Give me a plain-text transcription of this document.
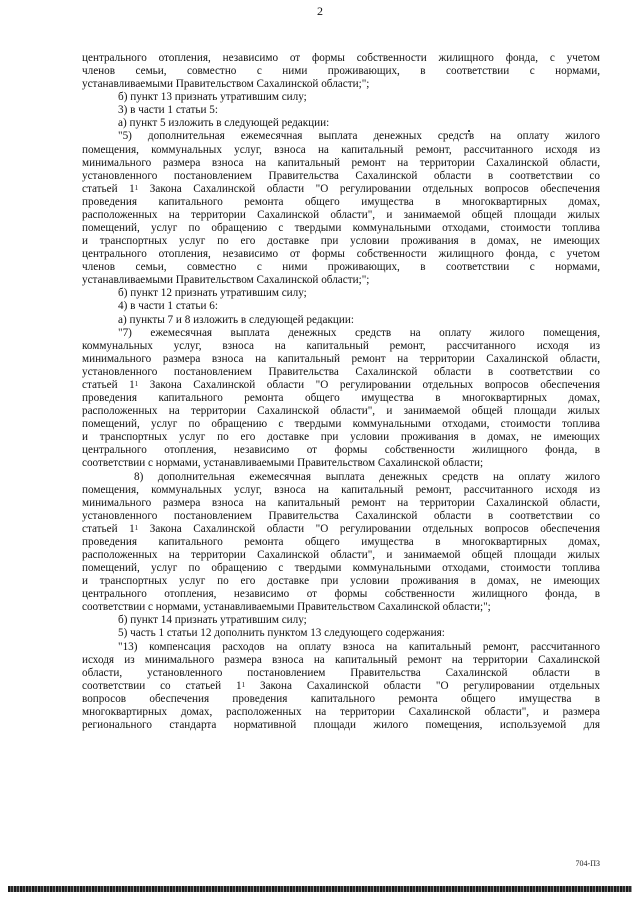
2
центрального отопления, независимо от формы собственности жилищного фонда, с учетом
членов семьи, совместно с ними проживающих, в соответствии с нормами,
устанавливаемыми Правительством Сахалинской области;";
б) пункт 13 признать утратившим силу;
3) в части 1 статьи 5:
а) пункт 5 изложить в следующей редакции:
"5) дополнительная ежемесячная выплата денежных средств на оплату жилого
помещения, коммунальных услуг, взноса на капитальный ремонт, рассчитанного исходя из
минимального размера взноса на капитальный ремонт на территории Сахалинской области,
установленного постановлением Правительства Сахалинской области в соответствии со
статьей $1^1$ Закона Сахалинской области "О регулировании отдельных вопросов обеспечения
проведения капитального ремонта общего имущества в многоквартирных домах,
расположенных на территории Сахалинской области", и занимаемой общей площади жилых
помещений, услуг по обращению с твердыми коммунальными отходами, стоимости топлива
и транспортных услуг по его доставке при условии проживания в домах, не имеющих
центрального отопления, независимо от формы собственности жилищного фонда, с учетом
членов семьи, совместно с ними проживающих, в соответствии с нормами,
устанавливаемыми Правительством Сахалинской области;";
б) пункт 12 признать утратившим силу;
4) в части 1 статьи 6:
а) пункты 7 и 8 изложить в следующей редакции:
"7) ежемесячная выплата денежных средств на оплату жилого помещения,
коммунальных услуг, взноса на капитальный ремонт, рассчитанного исходя из
минимального размера взноса на капитальный ремонт на территории Сахалинской области,
установленного постановлением Правительства Сахалинской области в соответствии со
статьей $1^1$ Закона Сахалинской области "О регулировании отдельных вопросов обеспечения
проведения капитального ремонта общего имущества в многоквартирных домах,
расположенных на территории Сахалинской области", и занимаемой общей площади жилых
помещений, услуг по обращению с твердыми коммунальными отходами, стоимости топлива
и транспортных услуг по его доставке при условии проживания в домах, не имеющих
центрального отопления, независимо от формы собственности жилищного фонда, в
соответствии с нормами, устанавливаемыми Правительством Сахалинской области;
8) дополнительная ежемесячная выплата денежных средств на оплату жилого
помещения, коммунальных услуг, взноса на капитальный ремонт, рассчитанного исходя из
минимального размера взноса на капитальный ремонт на территории Сахалинской области,
установленного постановлением Правительства Сахалинской области в соответствии со
статьей $1^1$ Закона Сахалинской области "О регулировании отдельных вопросов обеспечения
проведения капитального ремонта общего имущества в многоквартирных домах,
расположенных на территории Сахалинской области", и занимаемой общей площади жилых
помещений, услуг по обращению с твердыми коммунальными отходами, стоимости топлива
и транспортных услуг по его доставке при условии проживания в домах, не имеющих
центрального отопления, независимо от формы собственности жилищного фонда, в
соответствии с нормами, устанавливаемыми Правительством Сахалинской области;";
б) пункт 14 признать утратившим силу;
5) часть 1 статьи 12 дополнить пунктом 13 следующего содержания:
"13) компенсация расходов на оплату взноса на капитальный ремонт, рассчитанного
исходя из минимального размера взноса на капитальный ремонт на территории Сахалинской
области, установленного постановлением Правительства Сахалинской области в
соответствии со статьей $1^1$ Закона Сахалинской области "О регулировании отдельных
вопросов обеспечения проведения капитального ремонта общего имущества в
многоквартирных домах, расположенных на территории Сахалинской области", и размера
регионального стандарта нормативной площади жилого помещения, используемой для
704-ПЗ
